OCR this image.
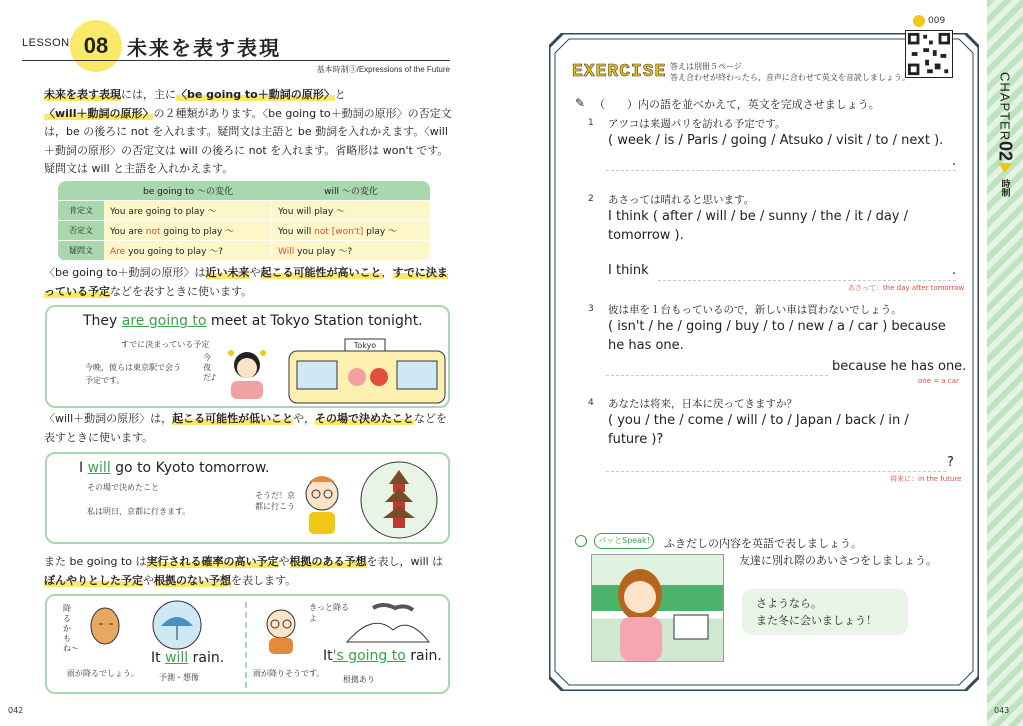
LESSON 08 未来を表す表現
基本時制③/Expressions of the Future
未来を表す表現には，主に〈be going to＋動詞の原形〉と〈will＋動詞の原形〉の２種類があります。〈be going to＋動詞の原形〉の否定文は，be の後ろに not を入れます。疑問文は主語と be 動詞を入れかえます。〈will＋動詞の原形〉の否定文は will の後ろに not を入れます。省略形は won't です。疑問文は will と主語を入れかえます。
	be going to ～の変化	will ～の変化
肯定文	You are going to play ～	You will play ～
否定文	You are not going to play ～	You will not [won't] play ～
疑問文	Are you going to play ～?	Will you play ～?
〈be going to＋動詞の原形〉は近い未来や起こる可能性が高いこと，すでに決まっている予定などを表すときに使います。
They are going to meet at Tokyo Station tonight.
すでに決まっている予定
今晩，彼らは東京駅で会う予定です。
今夜だ♪
Tokyo
〈will＋動詞の原形〉は，起こる可能性が低いことや，その場で決めたことなどを表すときに使います。
I will go to Kyoto tomorrow.
その場で決めたこと
私は明日，京都に行きます。
そうだ！京都に行こう
また be going to は実行される確率の高い予定や根拠のある予想を表し，will はぼんやりとした予定や根拠のない予想を表します。
降るかもね〜
It will rain.
雨が降るでしょう。	予測・想像
きっと降るよ
It's going to rain.
雨が降りそうです。
根拠あり
042
CHAPTER
02
時制
009
EXERCISE 答えは別冊５ページ
答え合わせが終わったら，音声に合わせて英文を音読しましょう。
✎ （　　）内の語を並べかえて，英文を完成させましょう。
1 アツコは来週パリを訪れる予定です。
( week / is / Paris / going / Atsuko / visit / to / next ).
.
2 あさっては晴れると思います。
I think ( after / will / be / sunny / the / it / day / tomorrow ).
I think	.
あさって：the day after tomorrow
3 彼は車を１台もっているので，新しい車は買わないでしょう。
( isn't / he / going / buy / to / new / a / car ) because he has one.
because he has one.
one = a car
4 あなたは将来，日本に戻ってきますか？
( you / the / come / will / to / Japan / back / in / future )?
?
将来に：in the future
パッとSpeak!	ふきだしの内容を英語で表しましょう。
友達に別れ際のあいさつをしましょう。
さようなら。
また冬に会いましょう！
043
